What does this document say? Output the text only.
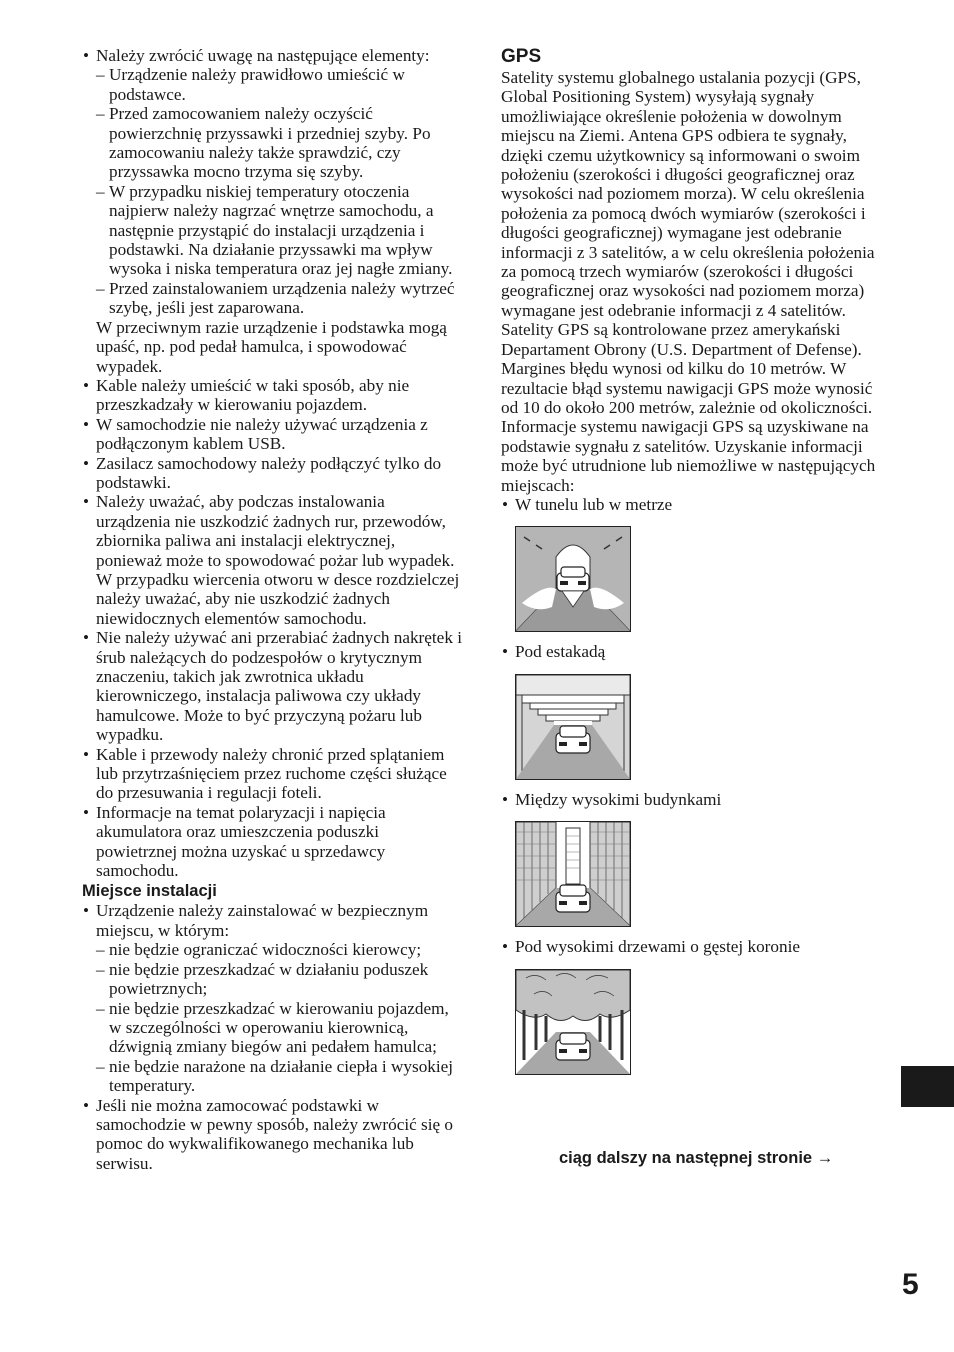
• Należy zwrócić uwagę na następujące elementy:
– Urządzenie należy prawidłowo umieścić w podstawce.
– Przed zamocowaniem należy oczyścić powierzchnię przyssawki i przedniej szyby. Po zamocowaniu należy także sprawdzić, czy przyssawka mocno trzyma się szyby.
– W przypadku niskiej temperatury otoczenia najpierw należy nagrzać wnętrze samochodu, a następnie przystąpić do instalacji urządzenia i podstawki. Na działanie przyssawki ma wpływ wysoka i niska temperatura oraz jej nagłe zmiany.
– Przed zainstalowaniem urządzenia należy wytrzeć szybę, jeśli jest zaparowana.
W przeciwnym razie urządzenie i podstawka mogą upaść, np. pod pedał hamulca, i spowodować wypadek.
• Kable należy umieścić w taki sposób, aby nie przeszkadzały w kierowaniu pojazdem.
• W samochodzie nie należy używać urządzenia z podłączonym kablem USB.
• Zasilacz samochodowy należy podłączyć tylko do podstawki.
• Należy uważać, aby podczas instalowania urządzenia nie uszkodzić żadnych rur, przewodów, zbiornika paliwa ani instalacji elektrycznej, ponieważ może to spowodować pożar lub wypadek. W przypadku wiercenia otworu w desce rozdzielczej należy uważać, aby nie uszkodzić żadnych niewidocznych elementów samochodu.
• Nie należy używać ani przerabiać żadnych nakrętek i śrub należących do podzespołów o krytycznym znaczeniu, takich jak zwrotnica układu kierowniczego, instalacja paliwowa czy układy hamulcowe. Może to być przyczyną pożaru lub wypadku.
• Kable i przewody należy chronić przed splątaniem lub przytrzaśnięciem przez ruchome części służące do przesuwania i regulacji foteli.
• Informacje na temat polaryzacji i napięcia akumulatora oraz umieszczenia poduszki powietrznej można uzyskać u sprzedawcy samochodu.
Miejsce instalacji
• Urządzenie należy zainstalować w bezpiecznym miejscu, w którym:
– nie będzie ograniczać widoczności kierowcy;
– nie będzie przeszkadzać w działaniu poduszek powietrznych;
– nie będzie przeszkadzać w kierowaniu pojazdem, w szczególności w operowaniu kierownicą, dźwignią zmiany biegów ani pedałem hamulca;
– nie będzie narażone na działanie ciepła i wysokiej temperatury.
• Jeśli nie można zamocować podstawki w samochodzie w pewny sposób, należy zwrócić się o pomoc do wykwalifikowanego mechanika lub serwisu.
GPS

Satelity systemu globalnego ustalania pozycji (GPS, Global Positioning System) wysyłają sygnały umożliwiające określenie położenia w dowolnym miejscu na Ziemi. Antena GPS odbiera te sygnały, dzięki czemu użytkownicy są informowani o swoim położeniu (szerokości i długości geograficznej oraz wysokości nad poziomem morza). W celu określenia położenia za pomocą dwóch wymiarów (szerokości i długości geograficznej) wymagane jest odebranie informacji z 3 satelitów, a w celu określenia położenia za pomocą trzech wymiarów (szerokości i długości geograficznej oraz wysokości nad poziomem morza) wymagane jest odebranie informacji z 4 satelitów. Satelity GPS są kontrolowane przez amerykański Departament Obrony (U.S. Department of Defense). Margines błędu wynosi od kilku do 10 metrów. W rezultacie błąd systemu nawigacji GPS może wynosić od 10 do około 200 metrów, zależnie od okoliczności. Informacje systemu nawigacji GPS są uzyskiwane na podstawie sygnału z satelitów. Uzyskanie informacji może być utrudnione lub niemożliwe w następujących miejscach:

• W tunelu lub w metrze
• Pod estakadą
• Między wysokimi budynkami
• Pod wysokimi drzewami o gęstej koronie
ciąg dalszy na następnej stronie →
5
